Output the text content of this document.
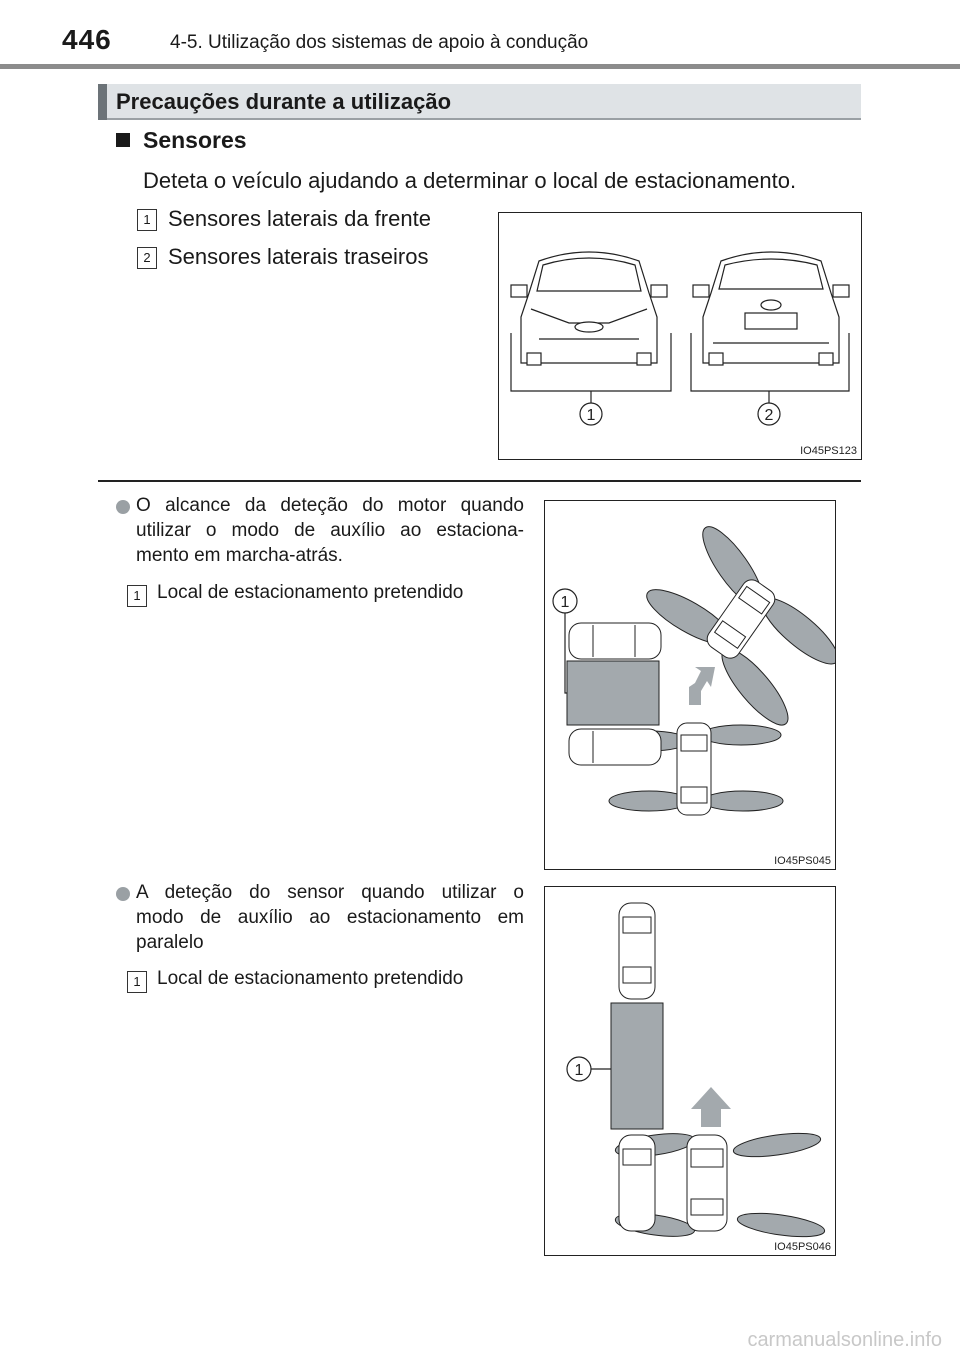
446	4-5. Utilização dos sistemas de apoio à condução
Precauções durante a utilização
Sensores
Deteta o veículo ajudando a determinar o local de estacionamento.
1 Sensores laterais da frente
2 Sensores laterais traseiros
1	2
IO45PS123
O alcance da deteção do motor quando
utilizar o modo de auxílio ao estaciona-
mento em marcha-atrás.
1 Local de estacionamento pretendido	1
IO45PS045
A deteção do sensor quando utilizar o
modo de auxílio ao estacionamento em
paralelo
1 Local de estacionamento pretendido
1
IO45PS046
carmanualsonline.info
